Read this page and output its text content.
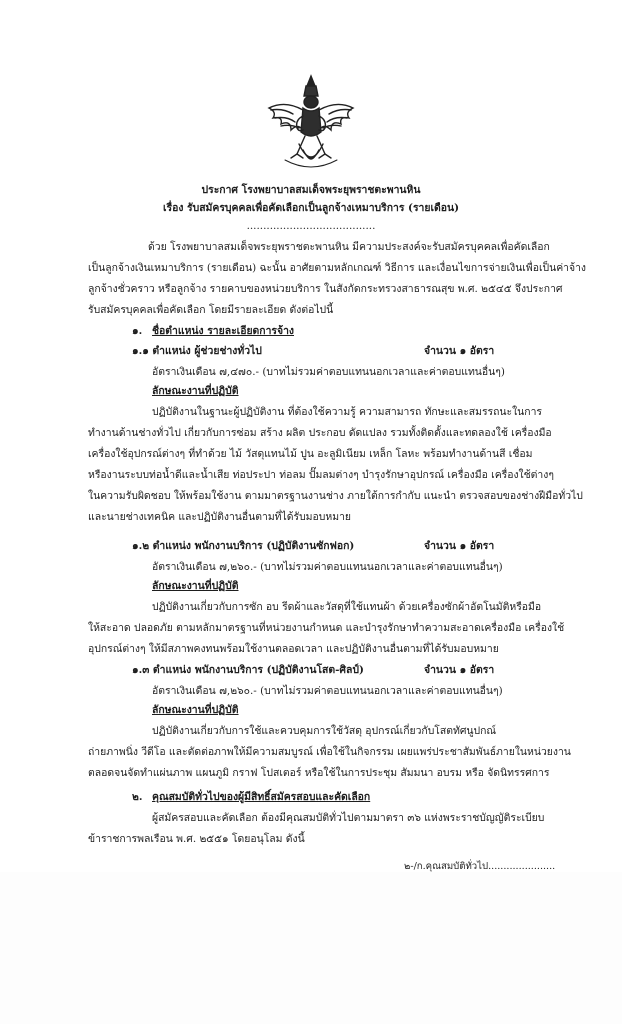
ประกาศ โรงพยาบาลสมเด็จพระยุพราชตะพานหิน
เรื่อง รับสมัครบุคคลเพื่อคัดเลือกเป็นลูกจ้างเหมาบริการ (รายเดือน)
.......................................
ด้วย โรงพยาบาลสมเด็จพระยุพราชตะพานหิน มีความประสงค์จะรับสมัครบุคคลเพื่อคัดเลือก
เป็นลูกจ้างเงินเหมาบริการ (รายเดือน) ฉะนั้น อาศัยตามหลักเกณฑ์ วิธีการ และเงื่อนไขการจ่ายเงินเพื่อเป็นค่าจ้าง
ลูกจ้างชั่วคราว หรือลูกจ้าง รายคาบของหน่วยบริการ ในสังกัดกระทรวงสาธารณสุข พ.ศ. ๒๕๔๕ จึงประกาศ
รับสมัครบุคคลเพื่อคัดเลือก โดยมีรายละเอียด ดังต่อไปนี้
๑. ชื่อตำแหน่ง รายละเอียดการจ้าง
๑.๑ ตำแหน่ง ผู้ช่วยช่างทั่วไป	จำนวน ๑ อัตรา
อัตราเงินเดือน ๗,๔๗๐.- (บาทไม่รวมค่าตอบแทนนอกเวลาและค่าตอบแทนอื่นๆ)
ลักษณะงานที่ปฏิบัติ
ปฏิบัติงานในฐานะผู้ปฏิบัติงาน ที่ต้องใช้ความรู้ ความสามารถ ทักษะและสมรรถนะในการ
ทำงานด้านช่างทั่วไป เกี่ยวกับการซ่อม สร้าง ผลิต ประกอบ ดัดแปลง รวมทั้งติดตั้งและทดลองใช้ เครื่องมือ
เครื่องใช้อุปกรณ์ต่างๆ ที่ทำด้วย ไม้ วัสดุแทนไม้ ปูน อะลูมิเนียม เหล็ก โลหะ พร้อมทำงานด้านสี เชื่อม
หรืองานระบบท่อน้ำดีและน้ำเสีย ท่อประปา ท่อลม ปั๊มลมต่างๆ บำรุงรักษาอุปกรณ์ เครื่องมือ เครื่องใช้ต่างๆ
ในความรับผิดชอบ ให้พร้อมใช้งาน ตามมาตรฐานงานช่าง ภายใต้การกำกับ แนะนำ ตรวจสอบของช่างฝีมือทั่วไป
และนายช่างเทคนิค และปฏิบัติงานอื่นตามที่ได้รับมอบหมาย
๑.๒ ตำแหน่ง พนักงานบริการ (ปฏิบัติงานซักฟอก)	จำนวน ๑ อัตรา
อัตราเงินเดือน ๗,๒๖๐.- (บาทไม่รวมค่าตอบแทนนอกเวลาและค่าตอบแทนอื่นๆ)
ลักษณะงานที่ปฏิบัติ
ปฏิบัติงานเกี่ยวกับการซัก อบ รีดผ้าและวัสดุที่ใช้แทนผ้า ด้วยเครื่องซักผ้าอัตโนมัติหรือมือ
ให้สะอาด ปลอดภัย ตามหลักมาตรฐานที่หน่วยงานกำหนด และบำรุงรักษาทำความสะอาดเครื่องมือ เครื่องใช้
อุปกรณ์ต่างๆ ให้มีสภาพคงทนพร้อมใช้งานตลอดเวลา และปฏิบัติงานอื่นตามที่ได้รับมอบหมาย
๑.๓ ตำแหน่ง พนักงานบริการ (ปฏิบัติงานโสต-ศิลป์)	จำนวน ๑ อัตรา
อัตราเงินเดือน ๗,๒๖๐.- (บาทไม่รวมค่าตอบแทนนอกเวลาและค่าตอบแทนอื่นๆ)
ลักษณะงานที่ปฏิบัติ
ปฏิบัติงานเกี่ยวกับการใช้และควบคุมการใช้วัสดุ อุปกรณ์เกี่ยวกับโสตทัศนูปกณ์
ถ่ายภาพนิ่ง วีดีโอ และตัดต่อภาพให้มีความสมบูรณ์ เพื่อใช้ในกิจกรรม เผยแพร่ประชาสัมพันธ์ภายในหน่วยงาน
ตลอดจนจัดทำแผ่นภาพ แผนภูมิ กราฟ โปสเตอร์ หรือใช้ในการประชุม สัมมนา อบรม หรือ จัดนิทรรศการ
๒. คุณสมบัติทั่วไปของผู้มีสิทธิ์สมัครสอบและคัดเลือก
ผู้สมัครสอบและคัดเลือก ต้องมีคุณสมบัติทั่วไปตามมาตรา ๓๖ แห่งพระราชบัญญัติระเบียบ
ข้าราชการพลเรือน พ.ศ. ๒๕๕๑ โดยอนุโลม ดังนี้
๒-/ก.คุณสมบัติทั่วไป......................
